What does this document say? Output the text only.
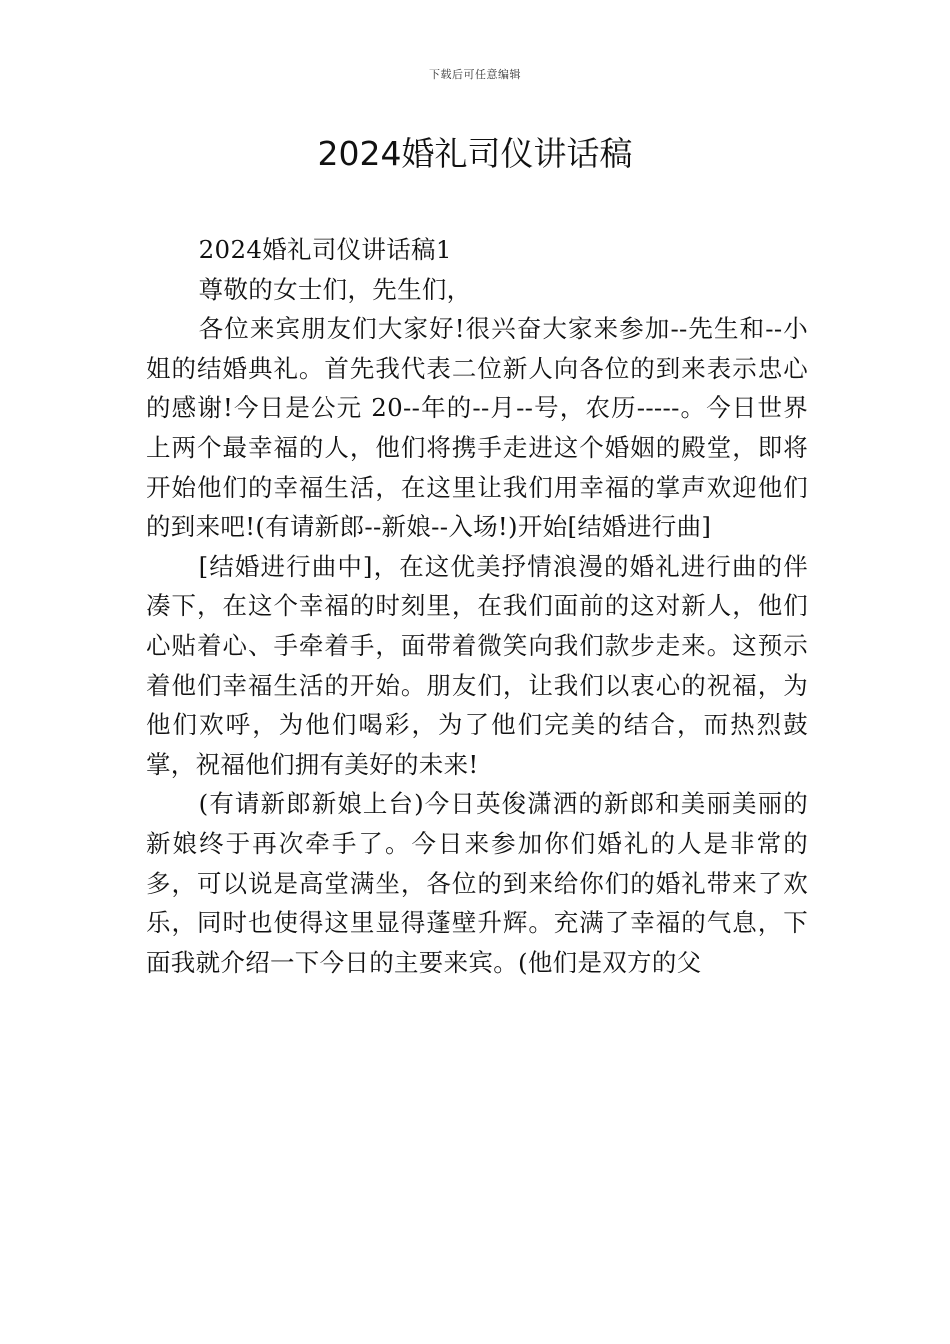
下载后可任意编辑
2024婚礼司仪讲话稿

2024婚礼司仪讲话稿1

尊敬的女士们，先生们，

各位来宾朋友们大家好!很兴奋大家来参加--先生和--小姐的结婚典礼。首先我代表二位新人向各位的到来表示忠心的感谢!今日是公元 20--年的--月--号，农历-----。今日世界上两个最幸福的人，他们将携手走进这个婚姻的殿堂，即将开始他们的幸福生活，在这里让我们用幸福的掌声欢迎他们的到来吧!(有请新郎--新娘--入场!)开始[结婚进行曲]

[结婚进行曲中]，在这优美抒情浪漫的婚礼进行曲的伴凑下，在这个幸福的时刻里，在我们面前的这对新人，他们心贴着心、手牵着手，面带着微笑向我们款步走来。这预示着他们幸福生活的开始。朋友们，让我们以衷心的祝福，为他们欢呼，为他们喝彩，为了他们完美的结合，而热烈鼓掌，祝福他们拥有美好的未来!

(有请新郎新娘上台)今日英俊潇洒的新郎和美丽美丽的新娘终于再次牵手了。今日来参加你们婚礼的人是非常的多，可以说是高堂满坐，各位的到来给你们的婚礼带来了欢乐，同时也使得这里显得蓬壁升辉。充满了幸福的气息，下面我就介绍一下今日的主要来宾。(他们是双方的父
